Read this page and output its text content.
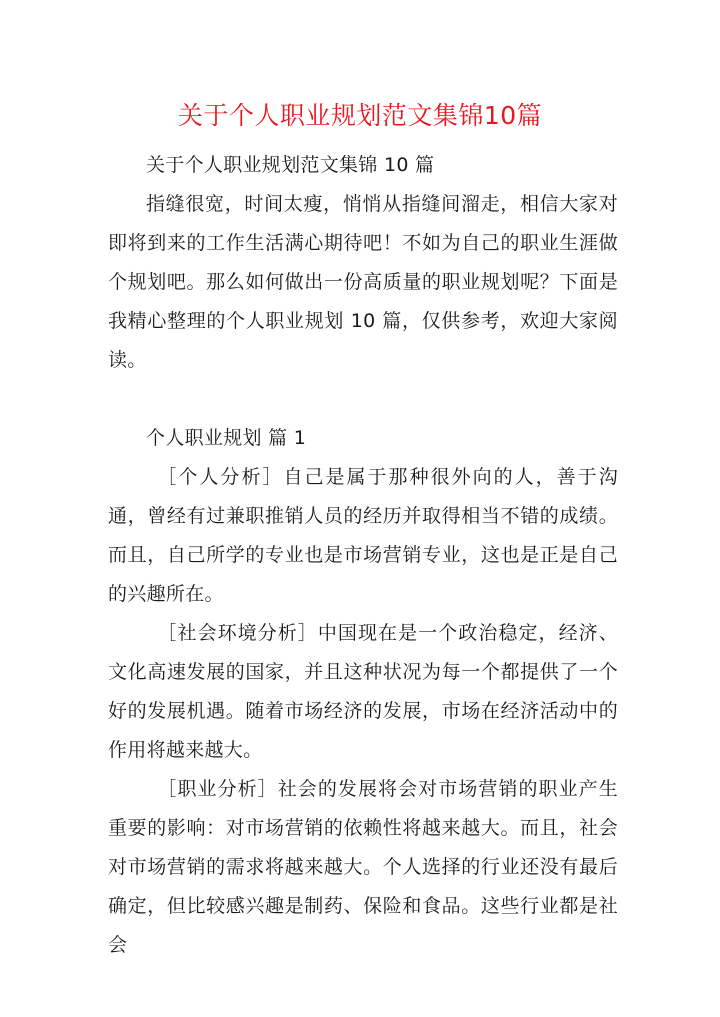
关于个人职业规划范文集锦10篇

关于个人职业规划范文集锦 10 篇

指缝很宽，时间太瘦，悄悄从指缝间溜走，相信大家对即将到来的工作生活满心期待吧！不如为自己的职业生涯做个规划吧。那么如何做出一份高质量的职业规划呢？下面是我精心整理的个人职业规划 10 篇，仅供参考，欢迎大家阅读。

个人职业规划 篇 1

［个人分析］自己是属于那种很外向的人，善于沟通，曾经有过兼职推销人员的经历并取得相当不错的成绩。而且，自己所学的专业也是市场营销专业，这也是正是自己的兴趣所在。

［社会环境分析］中国现在是一个政治稳定，经济、文化高速发展的国家，并且这种状况为每一个都提供了一个好的发展机遇。随着市场经济的发展，市场在经济活动中的作用将越来越大。

［职业分析］社会的发展将会对市场营销的职业产生重要的影响：对市场营销的依赖性将越来越大。而且，社会对市场营销的需求将越来越大。个人选择的行业还没有最后确定，但比较感兴趣是制药、保险和食品。这些行业都是社会
